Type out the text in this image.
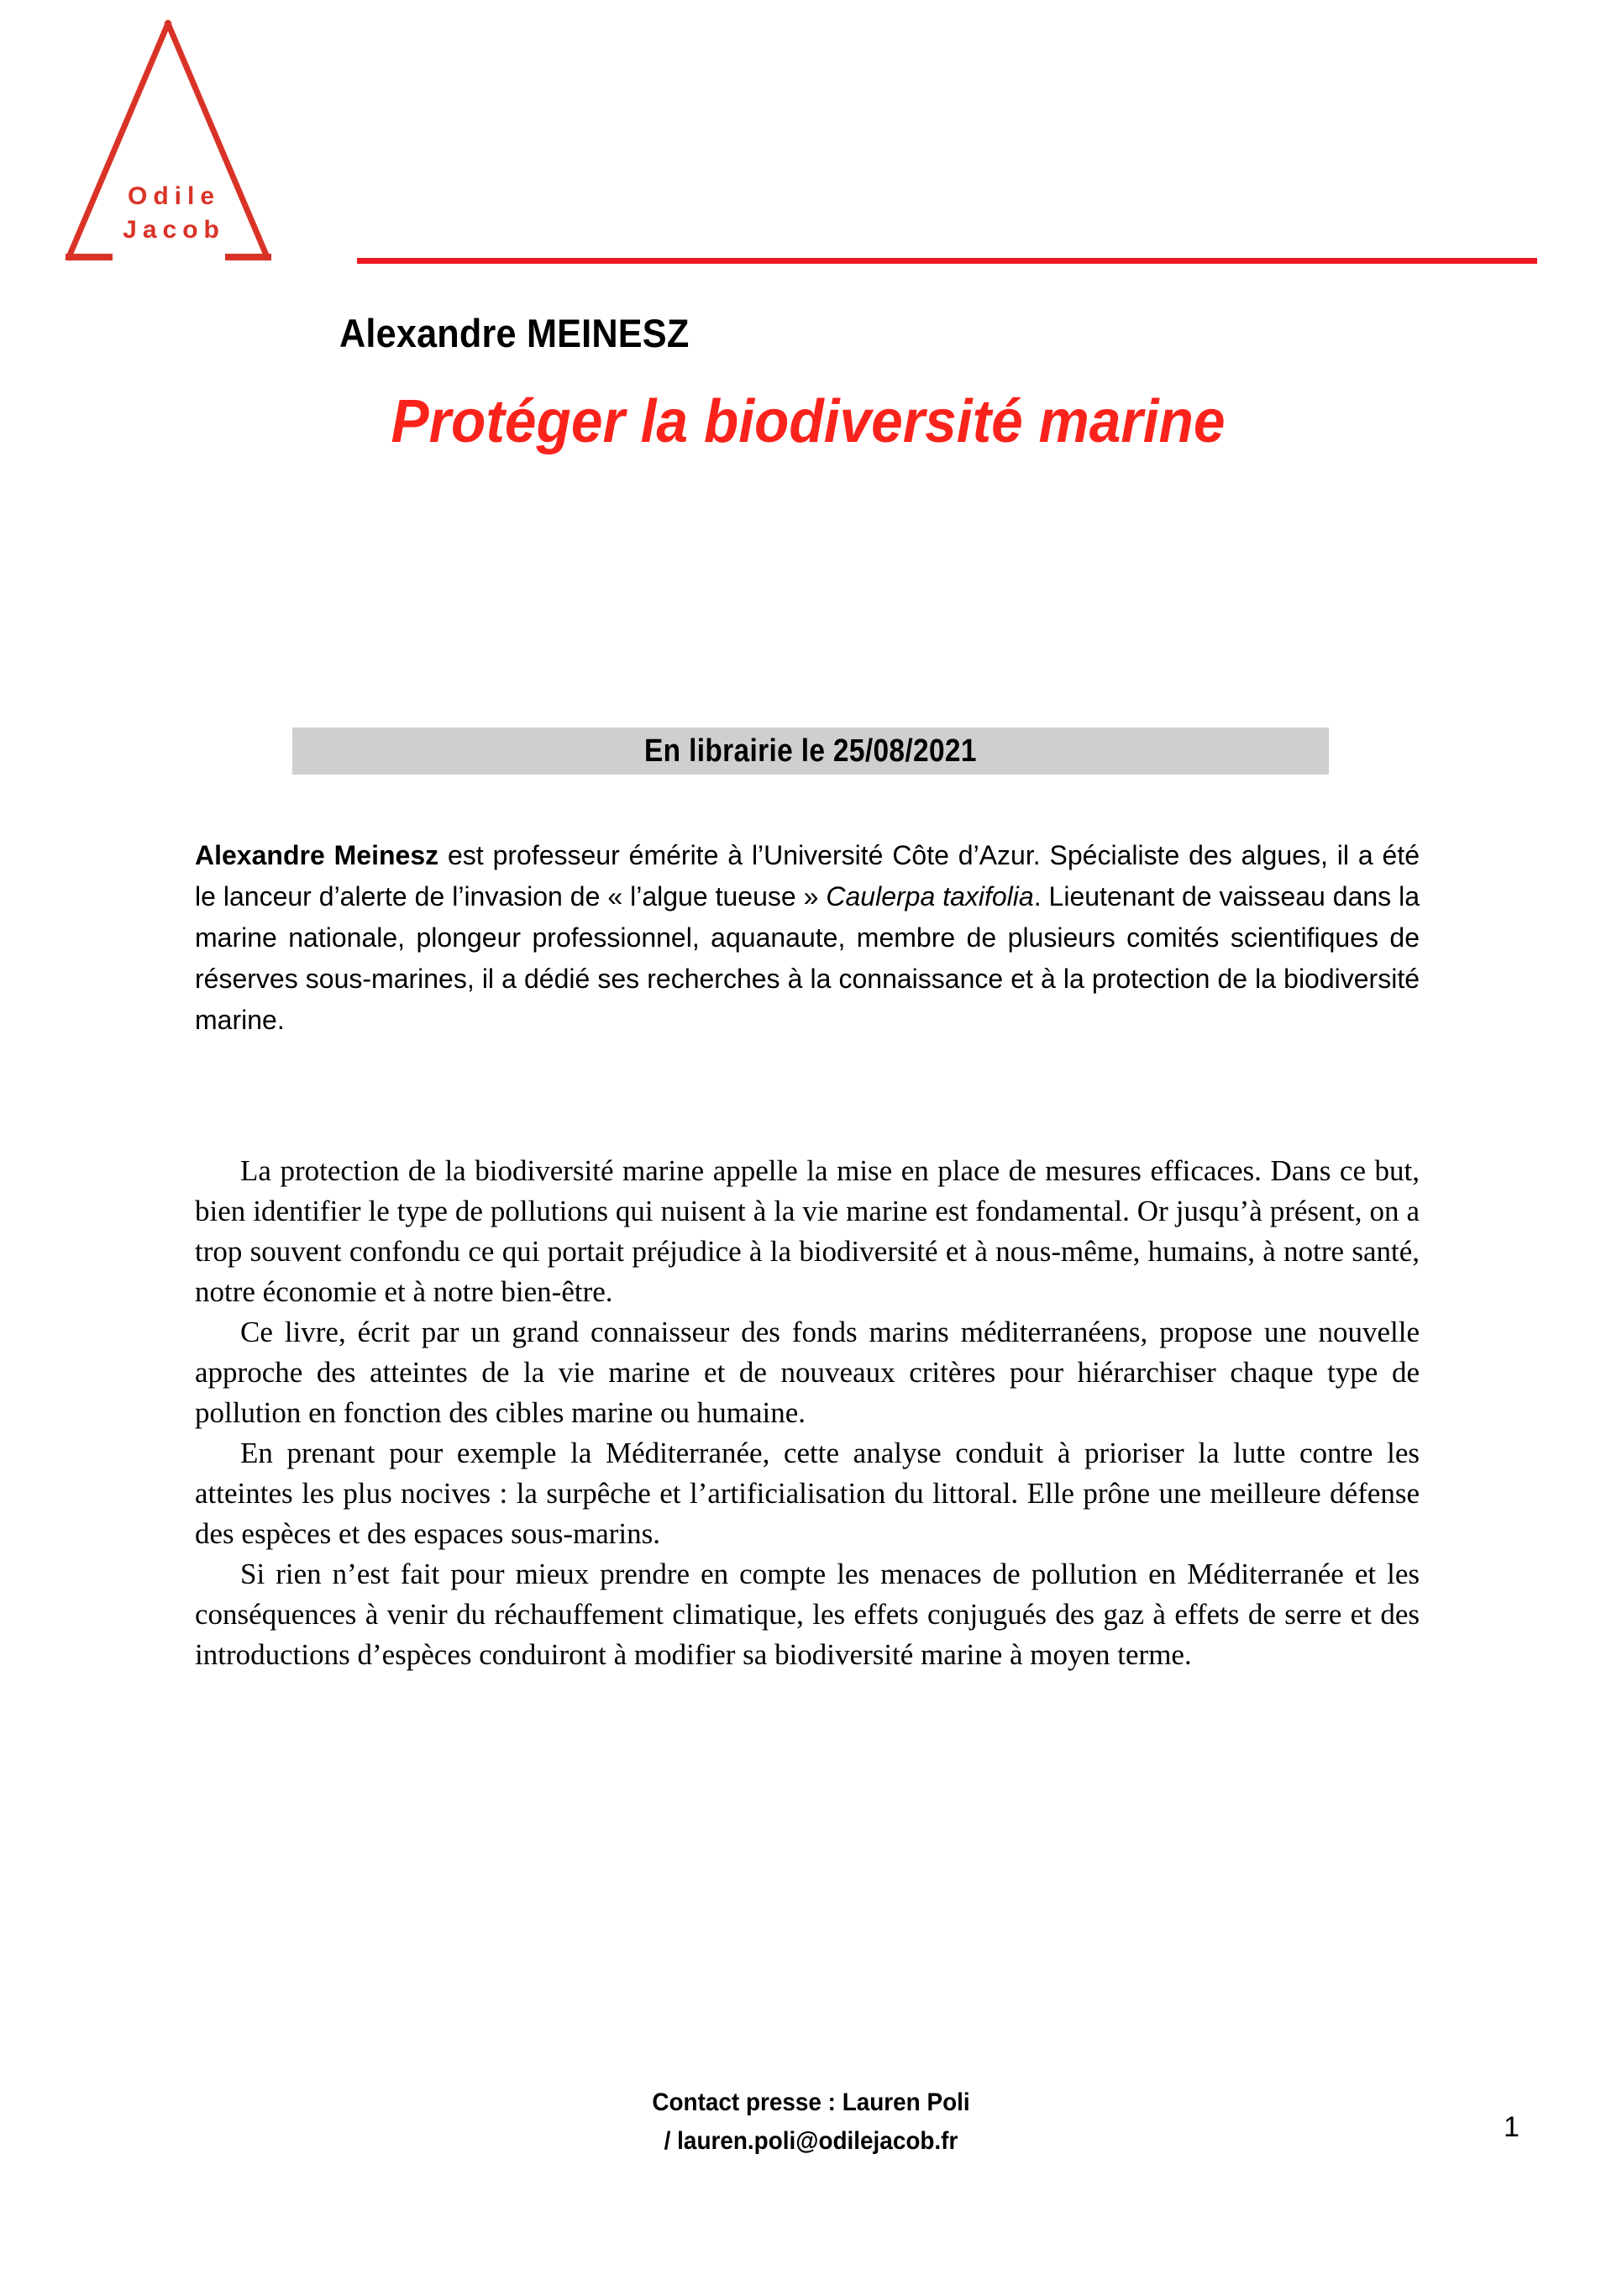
Odile
Jacob
Alexandre MEINESZ
Protéger la biodiversité marine
En librairie le 25/08/2021
Alexandre Meinesz est professeur émérite à l’Université Côte d’Azur. Spécialiste des algues, il a été le lanceur d’alerte de l’invasion de « l’algue tueuse » Caulerpa taxifolia. Lieutenant de vaisseau dans la marine nationale, plongeur professionnel, aquanaute, membre de plusieurs comités scientifiques de réserves sous-marines, il a dédié ses recherches à la connaissance et à la protection de la biodiversité marine.

La protection de la biodiversité marine appelle la mise en place de mesures efficaces. Dans ce but, bien identifier le type de pollutions qui nuisent à la vie marine est fondamental. Or jusqu’à présent, on a trop souvent confondu ce qui portait préjudice à la biodiversité et à nous-même, humains, à notre santé, notre économie et à notre bien-être.

Ce livre, écrit par un grand connaisseur des fonds marins méditerranéens, propose une nouvelle approche des atteintes de la vie marine et de nouveaux critères pour hiérarchiser chaque type de pollution en fonction des cibles marine ou humaine.

En prenant pour exemple la Méditerranée, cette analyse conduit à prioriser la lutte contre les atteintes les plus nocives : la surpêche et l’artificialisation du littoral. Elle prône une meilleure défense des espèces et des espaces sous-marins.

Si rien n’est fait pour mieux prendre en compte les menaces de pollution en Méditerranée et les conséquences à venir du réchauffement climatique, les effets conjugués des gaz à effets de serre et des introductions d’espèces conduiront à modifier sa biodiversité marine à moyen terme.

Contact presse : Lauren Poli
/ lauren.poli@odilejacob.fr	1
